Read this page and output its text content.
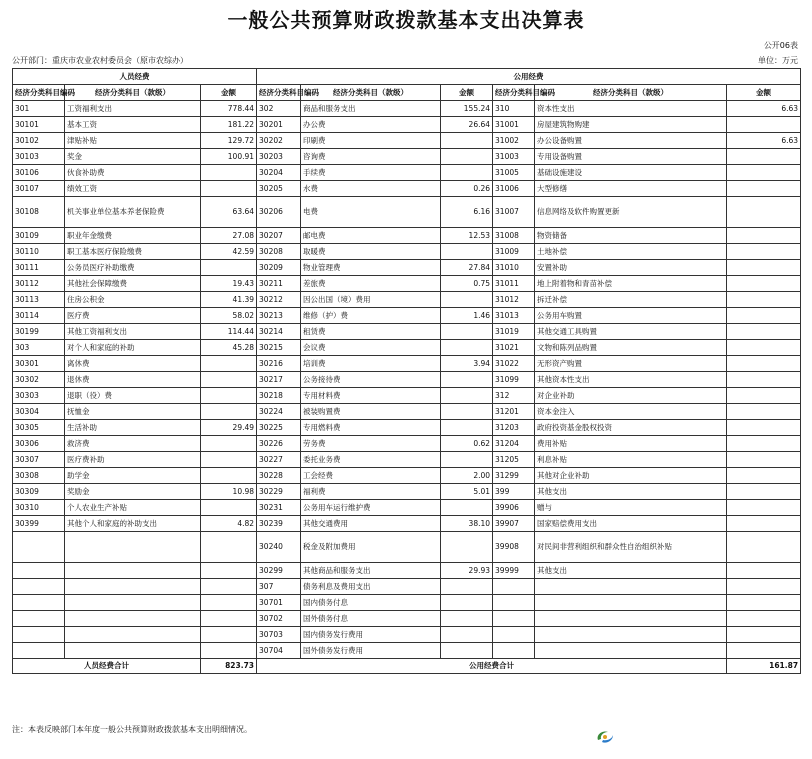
一般公共预算财政拨款基本支出决算表
公开06表
公开部门：重庆市农业农村委员会（原市农综办）	单位：万元
人员经费			公用经费					
经济分类科目编码	经济分类科目（款级）	金额	经济分类科目编码	经济分类科目（款级）	金额	经济分类科目编码	经济分类科目（款级）	金额
301	工资福利支出	778.44	302	商品和服务支出	155.24	310	资本性支出	6.63
30101	基本工资	181.22	30201	办公费	26.64	31001	房屋建筑物购建	
30102	津贴补贴	129.72	30202	印刷费		31002	办公设备购置	6.63
30103	奖金	100.91	30203	咨询费		31003	专用设备购置	
30106	伙食补助费		30204	手续费		31005	基础设施建设	
30107	绩效工资		30205	水费	0.26	31006	大型修缮	
30108	机关事业单位基本养老保险费	63.64	30206	电费	6.16	31007	信息网络及软件购置更新	
30109	职业年金缴费	27.08	30207	邮电费	12.53	31008	物资储备	
30110	职工基本医疗保险缴费	42.59	30208	取暖费		31009	土地补偿	
30111	公务员医疗补助缴费		30209	物业管理费	27.84	31010	安置补助	
30112	其他社会保障缴费	19.43	30211	差旅费	0.75	31011	地上附着物和青苗补偿	
30113	住房公积金	41.39	30212	因公出国（境）费用		31012	拆迁补偿	
30114	医疗费	58.02	30213	维修（护）费	1.46	31013	公务用车购置	
30199	其他工资福利支出	114.44	30214	租赁费		31019	其他交通工具购置	
303	对个人和家庭的补助	45.28	30215	会议费		31021	文物和陈列品购置	
30301	离休费		30216	培训费	3.94	31022	无形资产购置	
30302	退休费		30217	公务接待费		31099	其他资本性支出	
30303	退职（役）费		30218	专用材料费		312	对企业补助	
30304	抚恤金		30224	被装购置费		31201	资本金注入	
30305	生活补助	29.49	30225	专用燃料费		31203	政府投资基金股权投资	
30306	救济费		30226	劳务费	0.62	31204	费用补贴	
30307	医疗费补助		30227	委托业务费		31205	利息补贴	
30308	助学金		30228	工会经费	2.00	31299	其他对企业补助	
30309	奖励金	10.98	30229	福利费	5.01	399	其他支出	
30310	个人农业生产补贴		30231	公务用车运行维护费		39906	赠与	
30399	其他个人和家庭的补助支出	4.82	30239	其他交通费用	38.10	39907	国家赔偿费用支出	
			30240	税金及附加费用		39908	对民间非营利组织和群众性自治组织补贴	
			30299	其他商品和服务支出	29.93	39999	其他支出	
			307	债务利息及费用支出				
			30701	国内债务付息				
			30702	国外债务付息				
			30703	国内债务发行费用				
			30704	国外债务发行费用				
人员经费合计		823.73	公用经费合计					161.87
注：本表反映部门本年度一般公共预算财政拨款基本支出明细情况。
